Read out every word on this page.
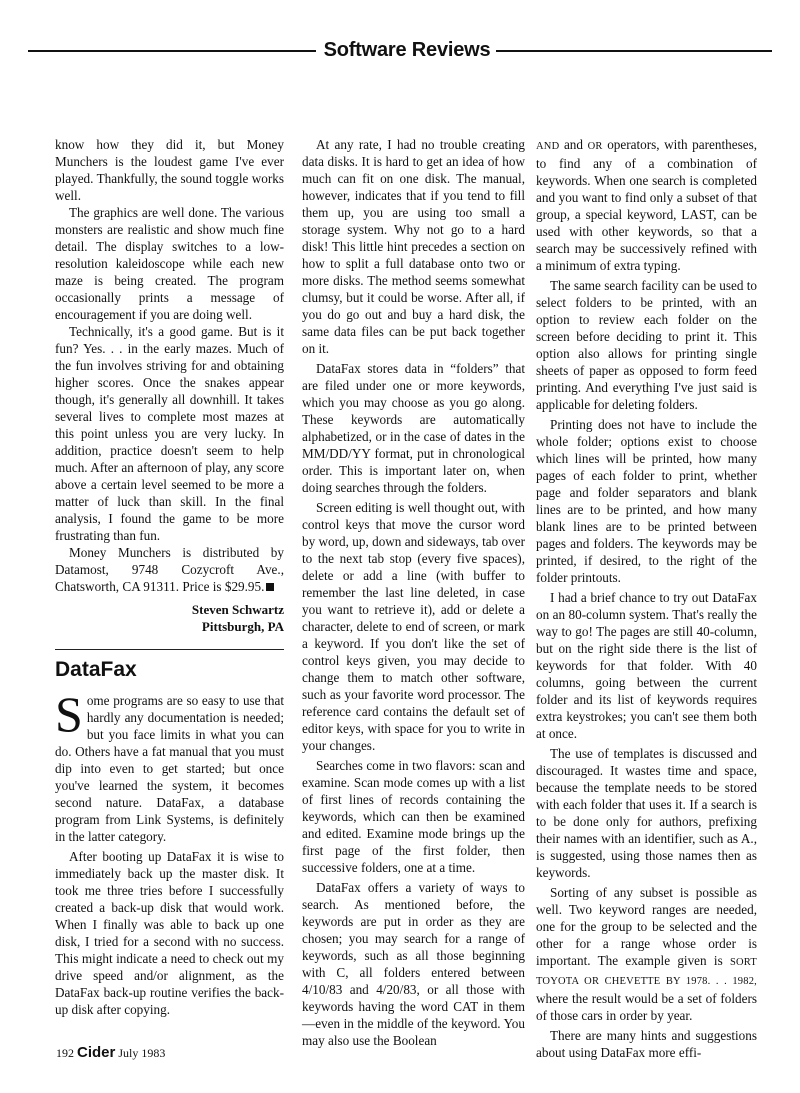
Software Reviews

know how they did it, but Money Munchers is the loudest game I've ever played. Thankfully, the sound toggle works well.

The graphics are well done. The various monsters are realistic and show much fine detail. The display switches to a low-resolution kaleidoscope while each new maze is being created. The program occasionally prints a message of encouragement if you are doing well.

Technically, it's a good game. But is it fun? Yes. . . in the early mazes. Much of the fun involves striving for and obtaining higher scores. Once the snakes appear though, it's generally all downhill. It takes several lives to complete most mazes at this point unless you are very lucky. In addition, practice doesn't seem to help much. After an afternoon of play, any score above a certain level seemed to be more a matter of luck than skill. In the final analysis, I found the game to be more frustrating than fun.

Money Munchers is distributed by Datamost, 9748 Cozycroft Ave., Chatsworth, CA 91311. Price is $29.95.

Steven Schwartz
Pittsburgh, PA
DataFax

Some programs are so easy to use that hardly any documentation is needed; but you face limits in what you can do. Others have a fat manual that you must dip into even to get started; but once you've learned the system, it becomes second nature. DataFax, a database program from Link Systems, is definitely in the latter category.

After booting up DataFax it is wise to immediately back up the master disk. It took me three tries before I successfully created a back-up disk that would work. When I finally was able to back up one disk, I tried for a second with no success. This might indicate a need to check out my drive speed and/or alignment, as the DataFax back-up routine verifies the back-up disk after copying.

At any rate, I had no trouble creating data disks. It is hard to get an idea of how much can fit on one disk. The manual, however, indicates that if you tend to fill them up, you are using too small a storage system. Why not go to a hard disk! This little hint precedes a section on how to split a full database onto two or more disks. The method seems somewhat clumsy, but it could be worse. After all, if you do go out and buy a hard disk, the same data files can be put back together on it.

DataFax stores data in “folders” that are filed under one or more keywords, which you may choose as you go along. These keywords are automatically alphabetized, or in the case of dates in the MM/DD/YY format, put in chronological order. This is important later on, when doing searches through the folders.

Screen editing is well thought out, with control keys that move the cursor word by word, up, down and sideways, tab over to the next tab stop (every five spaces), delete or add a line (with buffer to remember the last line deleted, in case you want to retrieve it), add or delete a character, delete to end of screen, or mark a keyword. If you don't like the set of control keys given, you may decide to change them to match other software, such as your favorite word processor. The reference card contains the default set of editor keys, with space for you to write in your changes.

Searches come in two flavors: scan and examine. Scan mode comes up with a list of first lines of records containing the keywords, which can then be examined and edited. Examine mode brings up the first page of the first folder, then successive folders, one at a time.

DataFax offers a variety of ways to search. As mentioned before, the keywords are put in order as they are chosen; you may search for a range of keywords, such as all those beginning with C, all folders entered between 4/10/83 and 4/20/83, or all those with keywords having the word CAT in them—even in the middle of the keyword. You may also use the Boolean

AND and OR operators, with parentheses, to find any of a combination of keywords. When one search is completed and you want to find only a subset of that group, a special keyword, LAST, can be used with other keywords, so that a search may be successively refined with a minimum of extra typing.

The same search facility can be used to select folders to be printed, with an option to review each folder on the screen before deciding to print it. This option also allows for printing single sheets of paper as opposed to form feed printing. And everything I've just said is applicable for deleting folders.

Printing does not have to include the whole folder; options exist to choose which lines will be printed, how many pages of each folder to print, whether page and folder separators and blank lines are to be printed, and how many blank lines are to be printed between pages and folders. The keywords may be printed, if desired, to the right of the folder printouts.

I had a brief chance to try out DataFax on an 80-column system. That's really the way to go! The pages are still 40-column, but on the right side there is the list of keywords for that folder. With 40 columns, going between the current folder and its list of keywords requires extra keystrokes; you can't see them both at once.

The use of templates is discussed and discouraged. It wastes time and space, because the template needs to be stored with each folder that uses it. If a search is to be done only for authors, prefixing their names with an identifier, such as A., is suggested, using those names then as keywords.

Sorting of any subset is possible as well. Two keyword ranges are needed, one for the group to be selected and the other for a range whose order is important. The example given is SORT TOYOTA OR CHEVETTE BY 1978. . . 1982, where the result would be a set of folders of those cars in order by year.

There are many hints and suggestions about using DataFax more effi-

192 Cider July 1983
